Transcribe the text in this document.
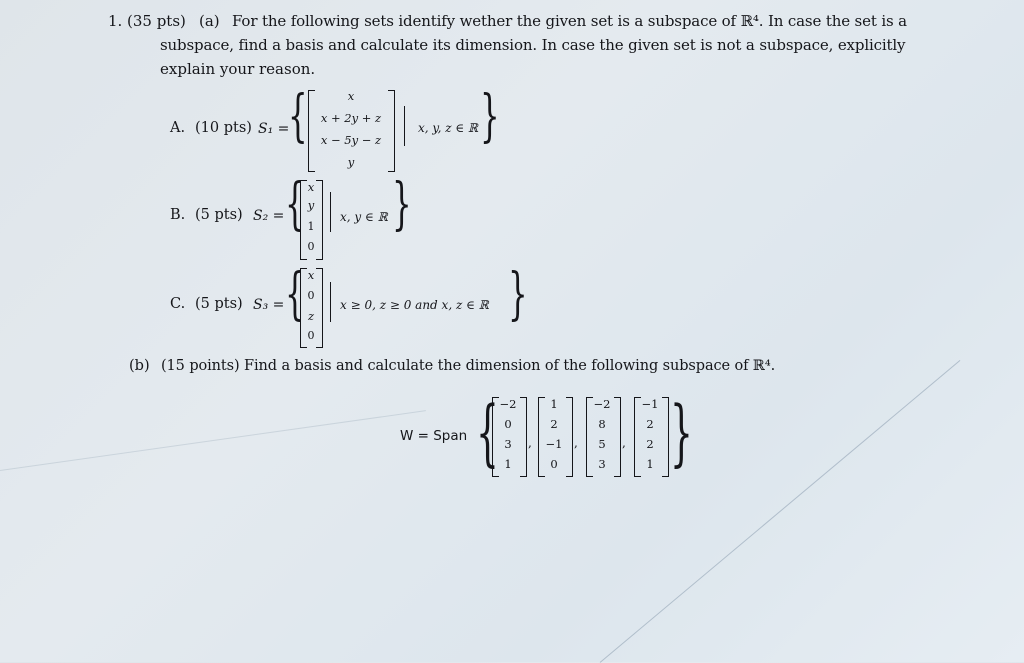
1. (35 pts) (a) For the following sets identify wether the given set is a subspace of ℝ⁴. In case the set is a
subspace, find a basis and calculate its dimension. In case the given set is not a subspace, explicitly
explain your reason.
A. (10 pts) S₁ =
{	x
x + 2y + z
x − 5y − z
y
x, y, z ∈ ℝ }
B. (5 pts) S₂ = { x
y
1
0
x, y ∈ ℝ }
C. (5 pts) S₃ = { x
0
z
0
x ≥ 0, z ≥ 0 and x, z ∈ ℝ }
(b) (15 points) Find a basis and calculate the dimension of the following subspace of ℝ⁴.
W = Span { −2
0
3
1
,
1
2
−1
0
,
−2
8
5
3
,
−1
2
2
1 }
